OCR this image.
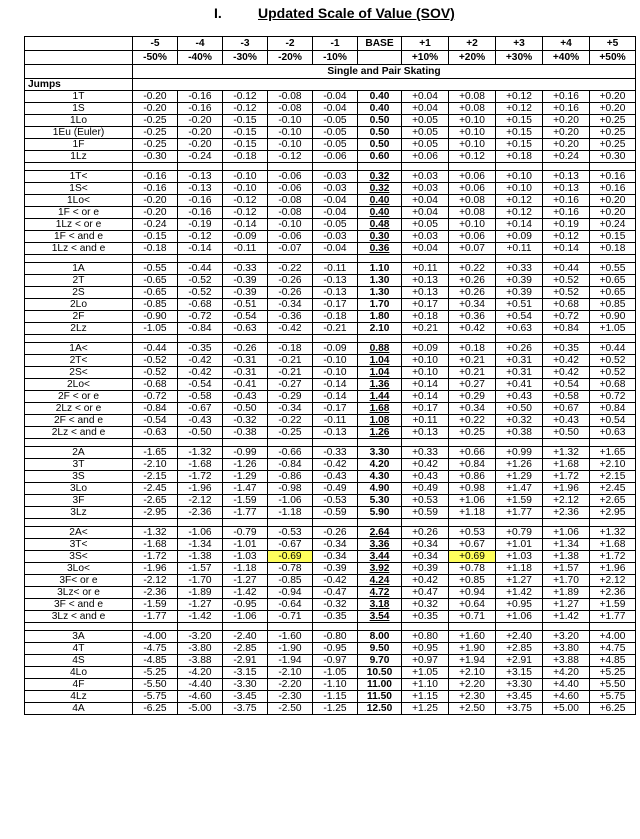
I.	Updated Scale of Value (SOV)
	-5	-4	-3	-2	-1	BASE	+1	+2	+3	+4	+5
	-50%	-40%	-30%	-20%	-10%		+10%	+20%	+30%	+40%	+50%
	Single and Pair Skating										
Jumps											
1T	-0.20	-0.16	-0.12	-0.08	-0.04	0.40	+0.04	+0.08	+0.12	+0.16	+0.20
1S	-0.20	-0.16	-0.12	-0.08	-0.04	0.40	+0.04	+0.08	+0.12	+0.16	+0.20
1Lo	-0.25	-0.20	-0.15	-0.10	-0.05	0.50	+0.05	+0.10	+0.15	+0.20	+0.25
1Eu (Euler)	-0.25	-0.20	-0.15	-0.10	-0.05	0.50	+0.05	+0.10	+0.15	+0.20	+0.25
1F	-0.25	-0.20	-0.15	-0.10	-0.05	0.50	+0.05	+0.10	+0.15	+0.20	+0.25
1Lz	-0.30	-0.24	-0.18	-0.12	-0.06	0.60	+0.06	+0.12	+0.18	+0.24	+0.30

1T<	-0.16	-0.13	-0.10	-0.06	-0.03	0.32	+0.03	+0.06	+0.10	+0.13	+0.16
1S<	-0.16	-0.13	-0.10	-0.06	-0.03	0.32	+0.03	+0.06	+0.10	+0.13	+0.16
1Lo<	-0.20	-0.16	-0.12	-0.08	-0.04	0.40	+0.04	+0.08	+0.12	+0.16	+0.20
1F < or e	-0.20	-0.16	-0.12	-0.08	-0.04	0.40	+0.04	+0.08	+0.12	+0.16	+0.20
1Lz < or e	-0.24	-0.19	-0.14	-0.10	-0.05	0.48	+0.05	+0.10	+0.14	+0.19	+0.24
1F < and e	-0.15	-0.12	-0.09	-0.06	-0.03	0.30	+0.03	+0.06	+0.09	+0.12	+0.15
1Lz < and e	-0.18	-0.14	-0.11	-0.07	-0.04	0.36	+0.04	+0.07	+0.11	+0.14	+0.18

1A	-0.55	-0.44	-0.33	-0.22	-0.11	1.10	+0.11	+0.22	+0.33	+0.44	+0.55
2T	-0.65	-0.52	-0.39	-0.26	-0.13	1.30	+0.13	+0.26	+0.39	+0.52	+0.65
2S	-0.65	-0.52	-0.39	-0.26	-0.13	1.30	+0.13	+0.26	+0.39	+0.52	+0.65
2Lo	-0.85	-0.68	-0.51	-0.34	-0.17	1.70	+0.17	+0.34	+0.51	+0.68	+0.85
2F	-0.90	-0.72	-0.54	-0.36	-0.18	1.80	+0.18	+0.36	+0.54	+0.72	+0.90
2Lz	-1.05	-0.84	-0.63	-0.42	-0.21	2.10	+0.21	+0.42	+0.63	+0.84	+1.05

1A<	-0.44	-0.35	-0.26	-0.18	-0.09	0.88	+0.09	+0.18	+0.26	+0.35	+0.44
2T<	-0.52	-0.42	-0.31	-0.21	-0.10	1.04	+0.10	+0.21	+0.31	+0.42	+0.52
2S<	-0.52	-0.42	-0.31	-0.21	-0.10	1.04	+0.10	+0.21	+0.31	+0.42	+0.52
2Lo<	-0.68	-0.54	-0.41	-0.27	-0.14	1.36	+0.14	+0.27	+0.41	+0.54	+0.68
2F < or e	-0.72	-0.58	-0.43	-0.29	-0.14	1.44	+0.14	+0.29	+0.43	+0.58	+0.72
2Lz < or e	-0.84	-0.67	-0.50	-0.34	-0.17	1.68	+0.17	+0.34	+0.50	+0.67	+0.84
2F < and e	-0.54	-0.43	-0.32	-0.22	-0.11	1.08	+0.11	+0.22	+0.32	+0.43	+0.54
2Lz < and e	-0.63	-0.50	-0.38	-0.25	-0.13	1.26	+0.13	+0.25	+0.38	+0.50	+0.63

2A	-1.65	-1.32	-0.99	-0.66	-0.33	3.30	+0.33	+0.66	+0.99	+1.32	+1.65
3T	-2.10	-1.68	-1.26	-0.84	-0.42	4.20	+0.42	+0.84	+1.26	+1.68	+2.10
3S	-2.15	-1.72	-1.29	-0.86	-0.43	4.30	+0.43	+0.86	+1.29	+1.72	+2.15
3Lo	-2.45	-1.96	-1.47	-0.98	-0.49	4.90	+0.49	+0.98	+1.47	+1.96	+2.45
3F	-2.65	-2.12	-1.59	-1.06	-0.53	5.30	+0.53	+1.06	+1.59	+2.12	+2.65
3Lz	-2.95	-2.36	-1.77	-1.18	-0.59	5.90	+0.59	+1.18	+1.77	+2.36	+2.95

2A<	-1.32	-1.06	-0.79	-0.53	-0.26	2.64	+0.26	+0.53	+0.79	+1.06	+1.32
3T<	-1.68	-1.34	-1.01	-0.67	-0.34	3.36	+0.34	+0.67	+1.01	+1.34	+1.68
3S<	-1.72	-1.38	-1.03	-0.69	-0.34	3.44	+0.34	+0.69	+1.03	+1.38	+1.72
3Lo<	-1.96	-1.57	-1.18	-0.78	-0.39	3.92	+0.39	+0.78	+1.18	+1.57	+1.96
3F< or e	-2.12	-1.70	-1.27	-0.85	-0.42	4.24	+0.42	+0.85	+1.27	+1.70	+2.12
3Lz< or e	-2.36	-1.89	-1.42	-0.94	-0.47	4.72	+0.47	+0.94	+1.42	+1.89	+2.36
3F < and e	-1.59	-1.27	-0.95	-0.64	-0.32	3.18	+0.32	+0.64	+0.95	+1.27	+1.59
3Lz < and e	-1.77	-1.42	-1.06	-0.71	-0.35	3.54	+0.35	+0.71	+1.06	+1.42	+1.77

3A	-4.00	-3.20	-2.40	-1.60	-0.80	8.00	+0.80	+1.60	+2.40	+3.20	+4.00
4T	-4.75	-3.80	-2.85	-1.90	-0.95	9.50	+0.95	+1.90	+2.85	+3.80	+4.75
4S	-4.85	-3.88	-2.91	-1.94	-0.97	9.70	+0.97	+1.94	+2.91	+3.88	+4.85
4Lo	-5.25	-4.20	-3.15	-2.10	-1.05	10.50	+1.05	+2.10	+3.15	+4.20	+5.25
4F	-5.50	-4.40	-3.30	-2.20	-1.10	11.00	+1.10	+2.20	+3.30	+4.40	+5.50
4Lz	-5.75	-4.60	-3.45	-2.30	-1.15	11.50	+1.15	+2.30	+3.45	+4.60	+5.75
4A	-6.25	-5.00	-3.75	-2.50	-1.25	12.50	+1.25	+2.50	+3.75	+5.00	+6.25
